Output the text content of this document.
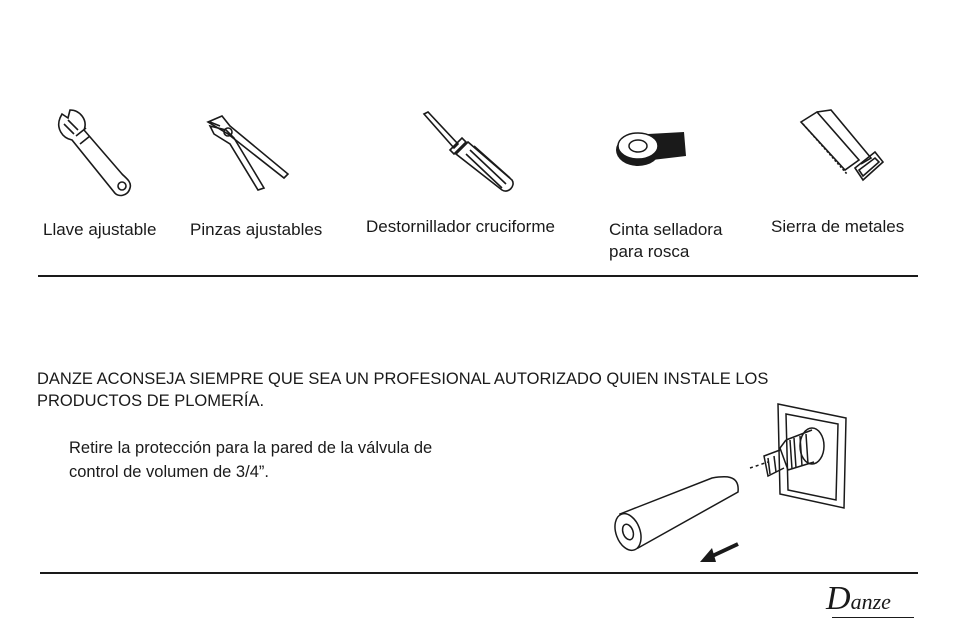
Llave ajustable Pinzas ajustables	Destornillador cruciforme	Cinta selladora
para rosca
Sierra de metales
DANZE ACONSEJA SIEMPRE QUE SEA UN PROFESIONAL AUTORIZADO QUIEN INSTALE LOS
PRODUCTOS DE PLOMERÍA.
Retire la protección para la pared de la válvula de
control de volumen de 3/4”.
Danze
